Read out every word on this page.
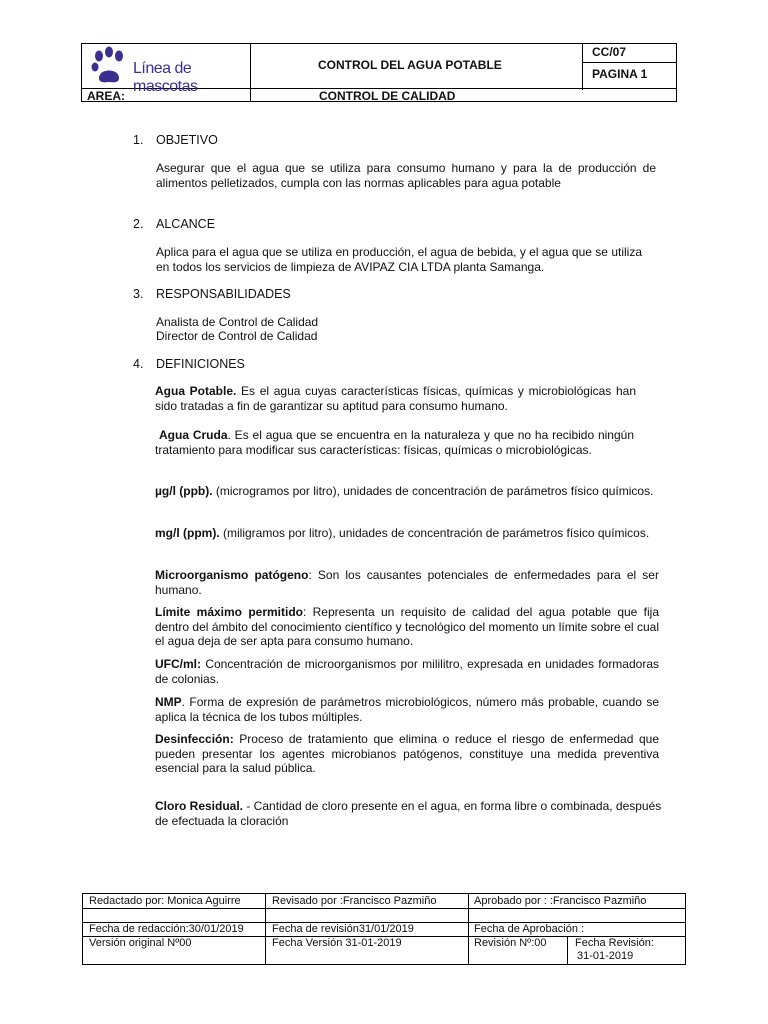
Línea de mascotas
CONTROL DEL AGUA POTABLE
CC/07
PAGINA 1
AREA:	CONTROL DE CALIDAD
1. OBJETIVO
Asegurar que el agua que se utiliza para consumo humano y para la de producción de alimentos pelletizados, cumpla con las normas aplicables para agua potable
2. ALCANCE
Aplica para el agua que se utiliza en producción, el agua de bebida, y el agua que se utiliza en todos los servicios de limpieza de AVIPAZ CIA LTDA planta Samanga.
3. RESPONSABILIDADES
Analista de Control de Calidad
Director de Control de Calidad
4. DEFINICIONES
Agua Potable. Es el agua cuyas características físicas, químicas y microbiológicas han sido tratadas a fin de garantizar su aptitud para consumo humano.
Agua Cruda. Es el agua que se encuentra en la naturaleza y que no ha recibido ningún tratamiento para modificar sus características: físicas, químicas o microbiológicas.
µg/l (ppb). (microgramos por litro), unidades de concentración de parámetros físico químicos.
mg/l (ppm). (miligramos por litro), unidades de concentración de parámetros físico químicos.
Microorganismo patógeno: Son los causantes potenciales de enfermedades para el ser humano.
Límite máximo permitido: Representa un requisito de calidad del agua potable que fija dentro del ámbito del conocimiento científico y tecnológico del momento un límite sobre el cual el agua deja de ser apta para consumo humano.
UFC/ml: Concentración de microorganismos por mililitro, expresada en unidades formadoras de colonias.
NMP. Forma de expresión de parámetros microbiológicos, número más probable, cuando se aplica la técnica de los tubos múltiples.
Desinfección: Proceso de tratamiento que elimina o reduce el riesgo de enfermedad que pueden presentar los agentes microbianos patógenos, constituye una medida preventiva esencial para la salud pública.
Cloro Residual. - Cantidad de cloro presente en el agua, en forma libre o combinada, después de efectuada la cloración
Redactado por: Monica Aguirre	Revisado por :Francisco Pazmiño	Aprobado por : :Francisco Pazmiño
Fecha de redacción:30/01/2019	Fecha de revisión31/01/2019	Fecha de Aprobación :
Versión original Nº00	Fecha Versión 31-01-2019	Revisión Nº:00	Fecha Revisión:
31-01-2019
